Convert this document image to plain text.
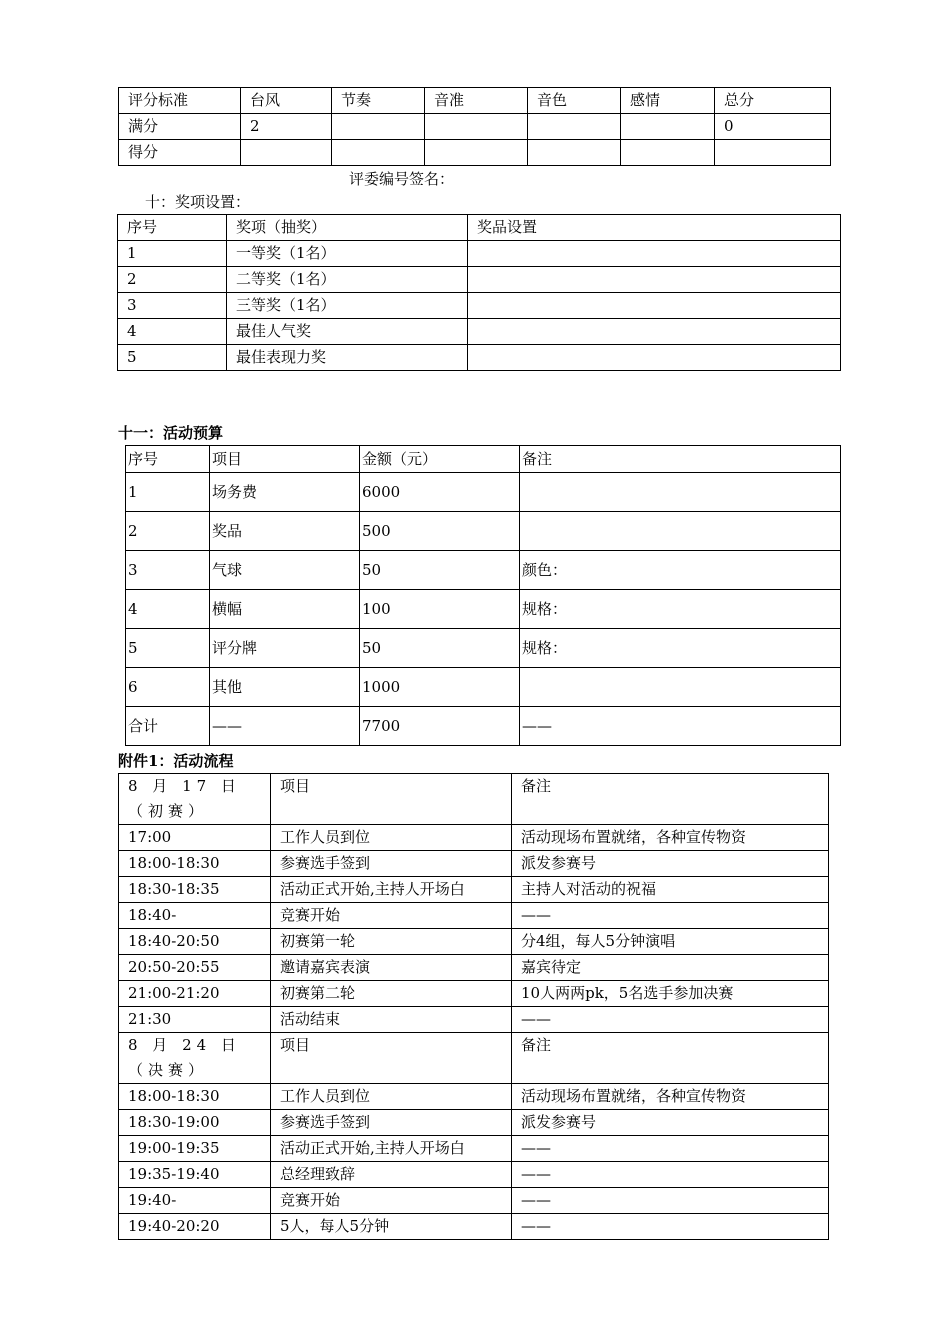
评分标准	台风	节奏	音准	音色	感情	总分
满分	2					0
得分						
评委编号签名：
十：奖项设置：
序号	奖项（抽奖）	奖品设置
1	一等奖（1名）	
2	二等奖（1名）	
3	三等奖（1名）	
4	最佳人气奖	
5	最佳表现力奖	
十一：活动预算
序号	项目	金额（元）	备注
1	场务费	6000	
2	奖品	500	
3	气球	50	颜色：
4	横幅	100	规格：
5	评分牌	50	规格：
6	其他	1000	
合计	——	7700	——
附件1：活动流程
8 月 17 日（初赛）	项目	备注
17:00	工作人员到位	活动现场布置就绪，各种宣传物资
18:00-18:30	参赛选手签到	派发参赛号
18:30-18:35	活动正式开始,主持人开场白	主持人对活动的祝福
18:40-	竞赛开始	——
18:40-20:50	初赛第一轮	分4组，每人5分钟演唱
20:50-20:55	邀请嘉宾表演	嘉宾待定
21:00-21:20	初赛第二轮	10人两两pk，5名选手参加决赛
21:30	活动结束	——
8 月 24 日（决赛）	项目	备注
18:00-18:30	工作人员到位	活动现场布置就绪，各种宣传物资
18:30-19:00	参赛选手签到	派发参赛号
19:00-19:35	活动正式开始,主持人开场白	——
19:35-19:40	总经理致辞	——
19:40-	竞赛开始	——
19:40-20:20	5人，每人5分钟	——
